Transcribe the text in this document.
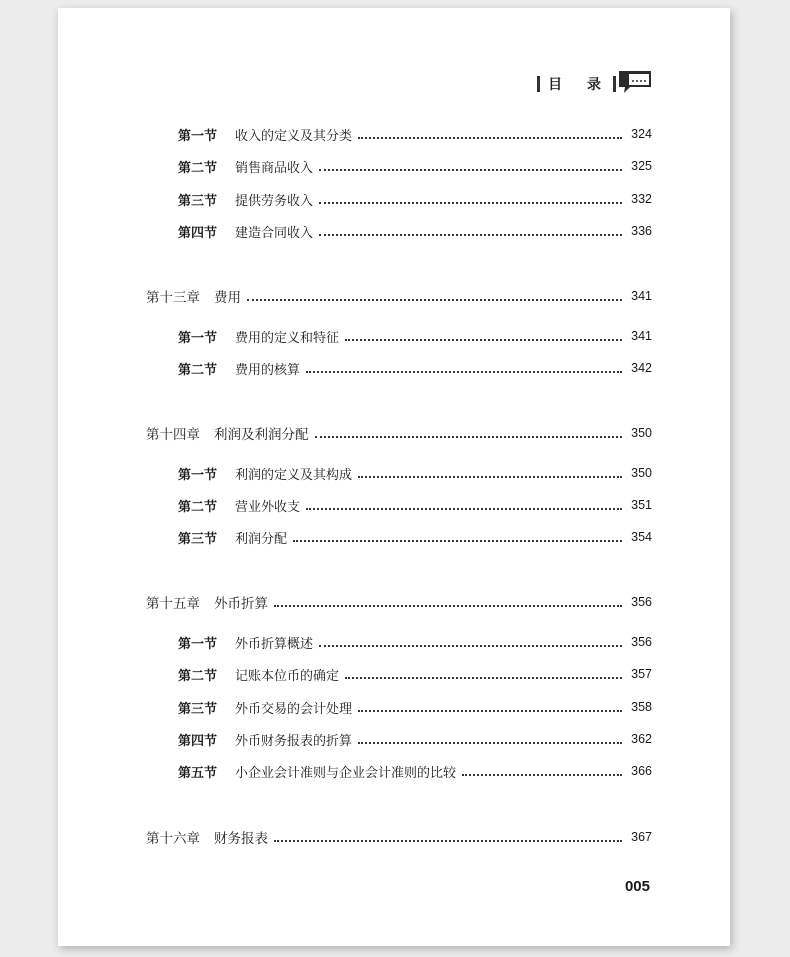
目 录
第一节 收入的定义及其分类	324
第二节 销售商品收入	325
第三节 提供劳务收入	332
第四节 建造合同收入	336
第十三章 费用	341
第一节 费用的定义和特征	341
第二节 费用的核算	342
第十四章 利润及利润分配	350
第一节 利润的定义及其构成	350
第二节 营业外收支	351
第三节 利润分配	354
第十五章 外币折算	356
第一节 外币折算概述	356
第二节 记账本位币的确定	357
第三节 外币交易的会计处理	358
第四节 外币财务报表的折算	362
第五节 小企业会计准则与企业会计准则的比较	366
第十六章 财务报表	367
005
